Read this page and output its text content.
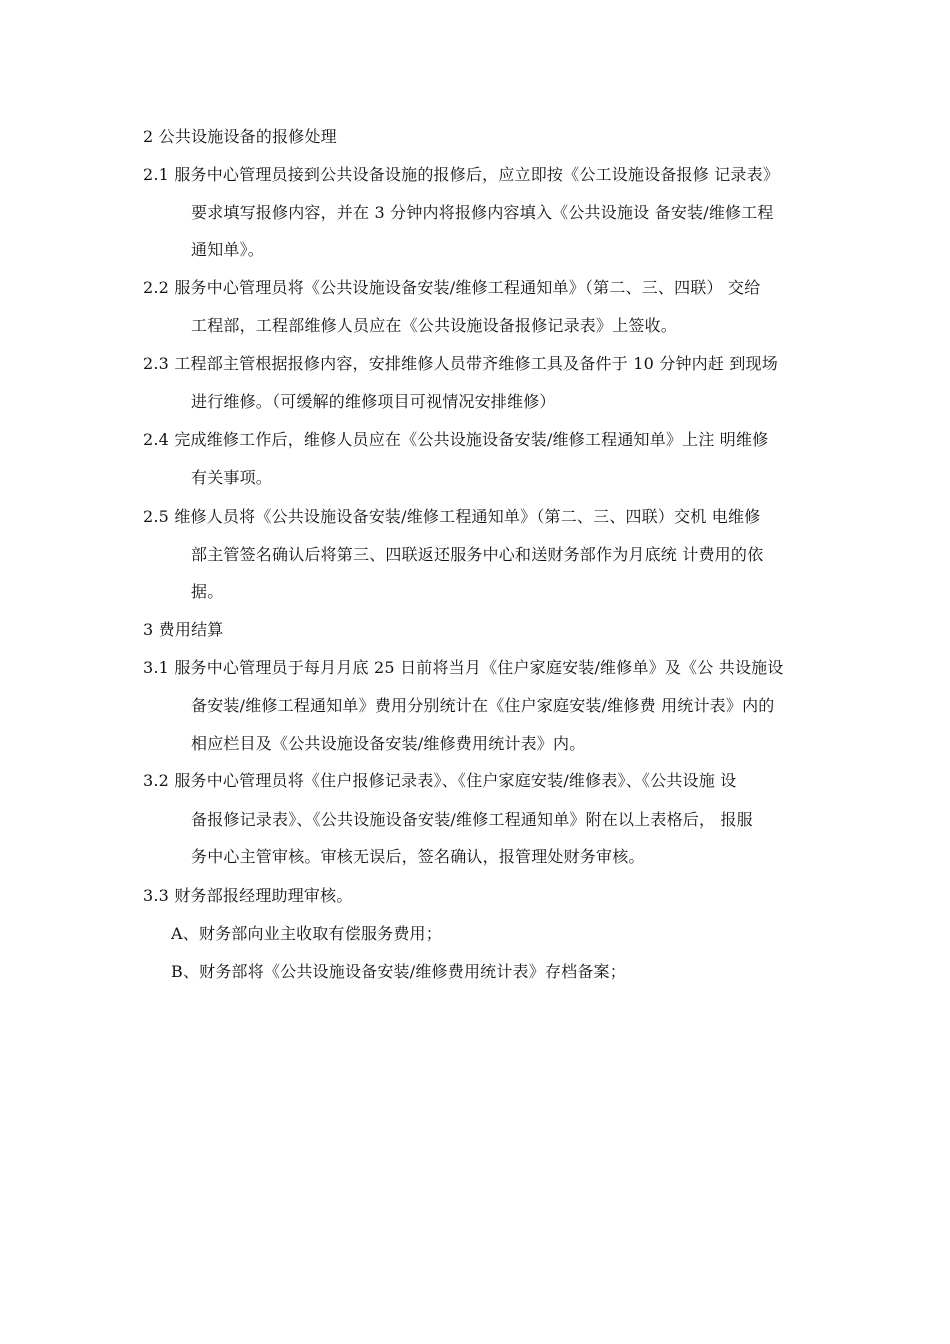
2 公共设施设备的报修处理
2.1 服务中心管理员接到公共设备设施的报修后，应立即按《公工设施设备报修 记录表》
要求填写报修内容，并在 3 分钟内将报修内容填入《公共设施设 备安装/维修工程
通知单》。
2.2 服务中心管理员将《公共设施设备安装/维修工程通知单》（第二、三、四联） 交给
工程部，工程部维修人员应在《公共设施设备报修记录表》上签收。
2.3 工程部主管根据报修内容，安排维修人员带齐维修工具及备件于 10 分钟内赶 到现场
进行维修。（可缓解的维修项目可视情况安排维修）
2.4 完成维修工作后，维修人员应在《公共设施设备安装/维修工程通知单》上注 明维修
有关事项。
2.5 维修人员将《公共设施设备安装/维修工程通知单》（第二、三、四联）交机 电维修
部主管签名确认后将第三、四联返还服务中心和送财务部作为月底统 计费用的依
据。
3 费用结算
3.1 服务中心管理员于每月月底 25 日前将当月《住户家庭安装/维修单》及《公 共设施设
备安装/维修工程通知单》费用分别统计在《住户家庭安装/维修费 用统计表》内的
相应栏目及《公共设施设备安装/维修费用统计表》内。
3.2 服务中心管理员将《住户报修记录表》、《住户家庭安装/维修表》、《公共设施 设
备报修记录表》、《公共设施设备安装/维修工程通知单》附在以上表格后， 报服
务中心主管审核。审核无误后，签名确认，报管理处财务审核。
3.3 财务部报经理助理审核。
A、财务部向业主收取有偿服务费用；
B、财务部将《公共设施设备安装/维修费用统计表》存档备案；
